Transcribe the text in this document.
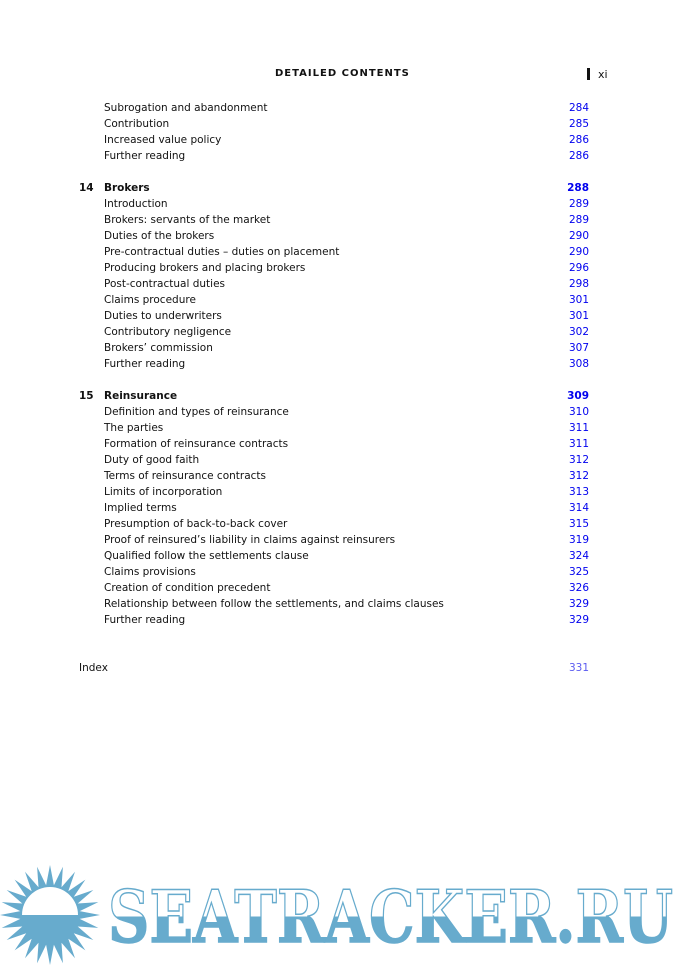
DETAILED CONTENTS	xi
Subrogation and abandonment	284
Contribution	285
Increased value policy	286
Further reading	286
14 Brokers	288
Introduction	289
Brokers: servants of the market	289
Duties of the brokers	290
Pre-contractual duties – duties on placement	290
Producing brokers and placing brokers	296
Post-contractual duties	298
Claims procedure	301
Duties to underwriters	301
Contributory negligence	302
Brokers’ commission	307
Further reading	308
15 Reinsurance	309
Definition and types of reinsurance	310
The parties	311
Formation of reinsurance contracts	311
Duty of good faith	312
Terms of reinsurance contracts	312
Limits of incorporation	313
Implied terms	314
Presumption of back-to-back cover	315
Proof of reinsured’s liability in claims against reinsurers	319
Qualified follow the settlements clause	324
Claims provisions	325
Creation of condition precedent	326
Relationship between follow the settlements, and claims clauses	329
Further reading	329
Index	331
SEATRACKER.RU
